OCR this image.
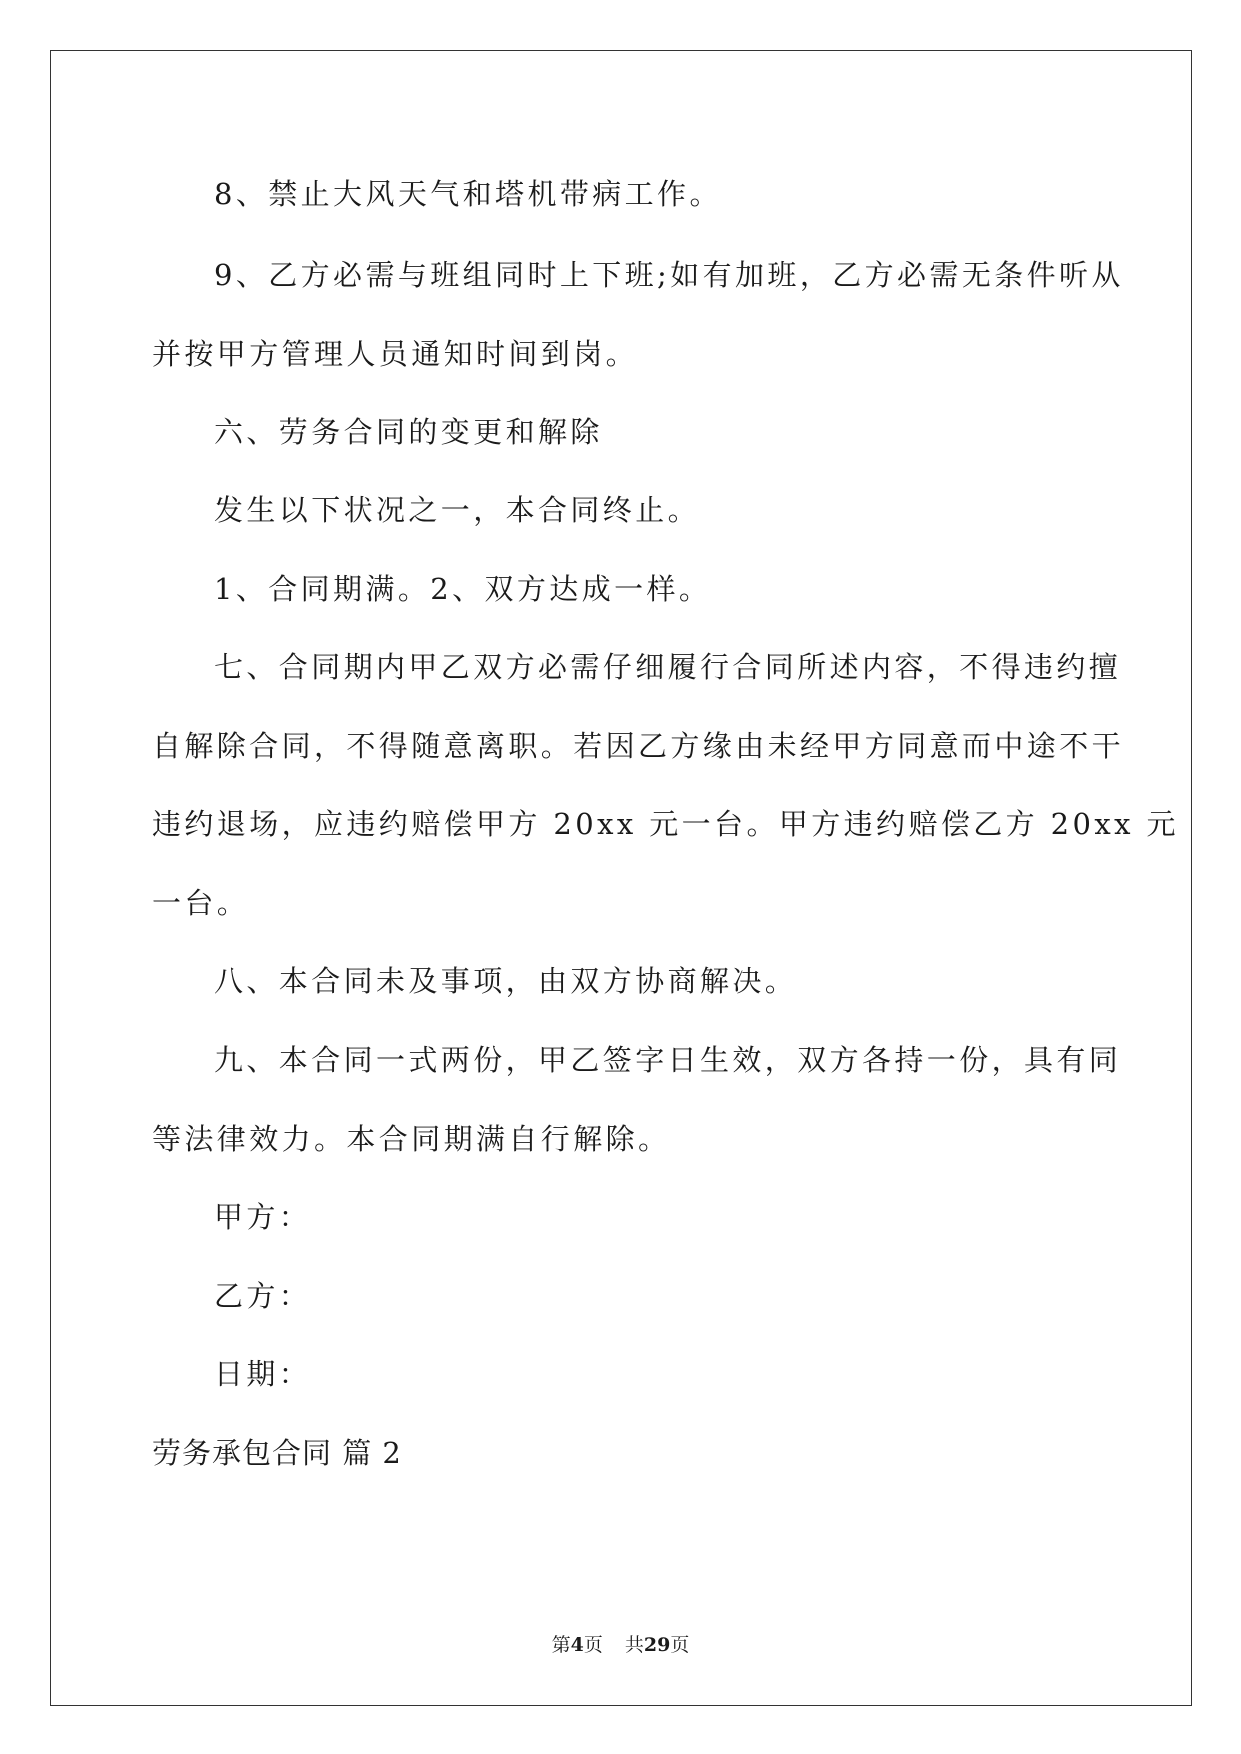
8、禁止大风天气和塔机带病工作。
9、乙方必需与班组同时上下班;如有加班，乙方必需无条件听从
并按甲方管理人员通知时间到岗。
六、劳务合同的变更和解除
发生以下状况之一，本合同终止。
1、合同期满。2、双方达成一样。
七、合同期内甲乙双方必需仔细履行合同所述内容，不得违约擅
自解除合同，不得随意离职。若因乙方缘由未经甲方同意而中途不干
违约退场，应违约赔偿甲方 20xx 元一台。甲方违约赔偿乙方 20xx 元
一台。
八、本合同未及事项，由双方协商解决。
九、本合同一式两份，甲乙签字日生效，双方各持一份，具有同
等法律效力。本合同期满自行解除。
甲方：
乙方：
日期：
劳务承包合同 篇 2
第4页 共29页
